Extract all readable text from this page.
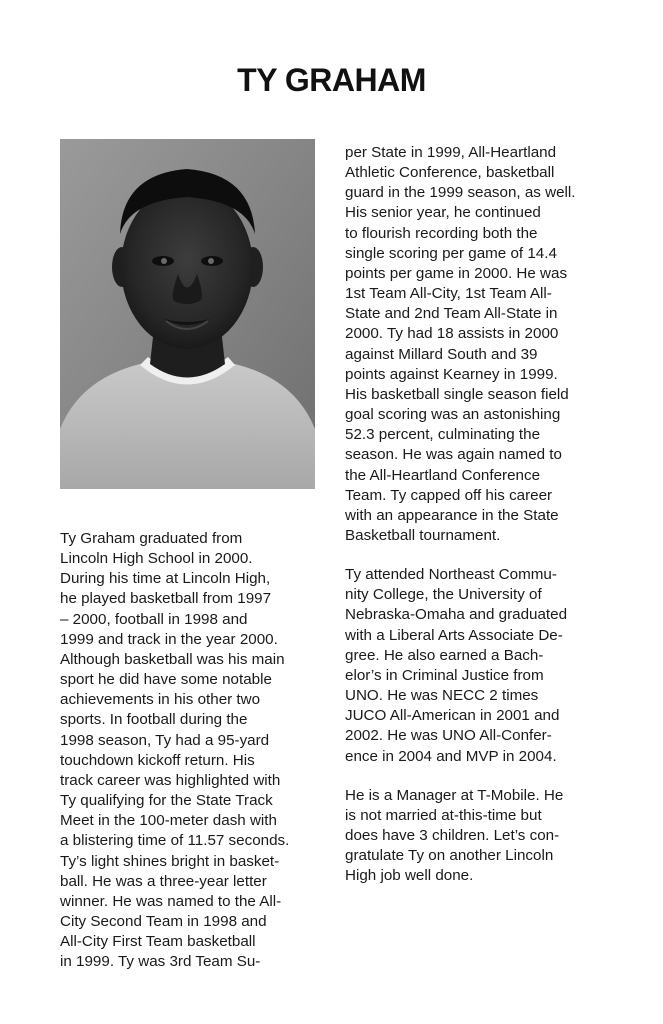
TY GRAHAM
Ty Graham graduated from
Lincoln High School in 2000.
During his time at Lincoln High,
he played basketball from 1997
– 2000, football in 1998 and
1999 and track in the year 2000.
Although basketball was his main
sport he did have some notable
achievements in his other two
sports. In football during the
1998 season, Ty had a 95-yard
touchdown kickoff return. His
track career was highlighted with
Ty qualifying for the State Track
Meet in the 100-meter dash with
a blistering time of 11.57 seconds.
Ty’s light shines bright in basket-
ball. He was a three-year letter
winner. He was named to the All-
City Second Team in 1998 and
All-City First Team basketball
in 1999. Ty was 3rd Team Su-
per State in 1999, All-Heartland
Athletic Conference, basketball
guard in the 1999 season, as well.
His senior year, he continued
to flourish recording both the
single scoring per game of 14.4
points per game in 2000. He was
1st Team All-City, 1st Team All-
State and 2nd Team All-State in
2000. Ty had 18 assists in 2000
against Millard South and 39
points against Kearney in 1999.
His basketball single season field
goal scoring was an astonishing
52.3 percent, culminating the
season. He was again named to
the All-Heartland Conference
Team. Ty capped off his career
with an appearance in the State
Basketball tournament.
Ty attended Northeast Commu-
nity College, the University of
Nebraska-Omaha and graduated
with a Liberal Arts Associate De-
gree. He also earned a Bach-
elor’s in Criminal Justice from
UNO. He was NECC 2 times
JUCO All-American in 2001 and
2002. He was UNO All-Confer-
ence in 2004 and MVP in 2004.
He is a Manager at T-Mobile. He
is not married at-this-time but
does have 3 children. Let’s con-
gratulate Ty on another Lincoln
High job well done.
